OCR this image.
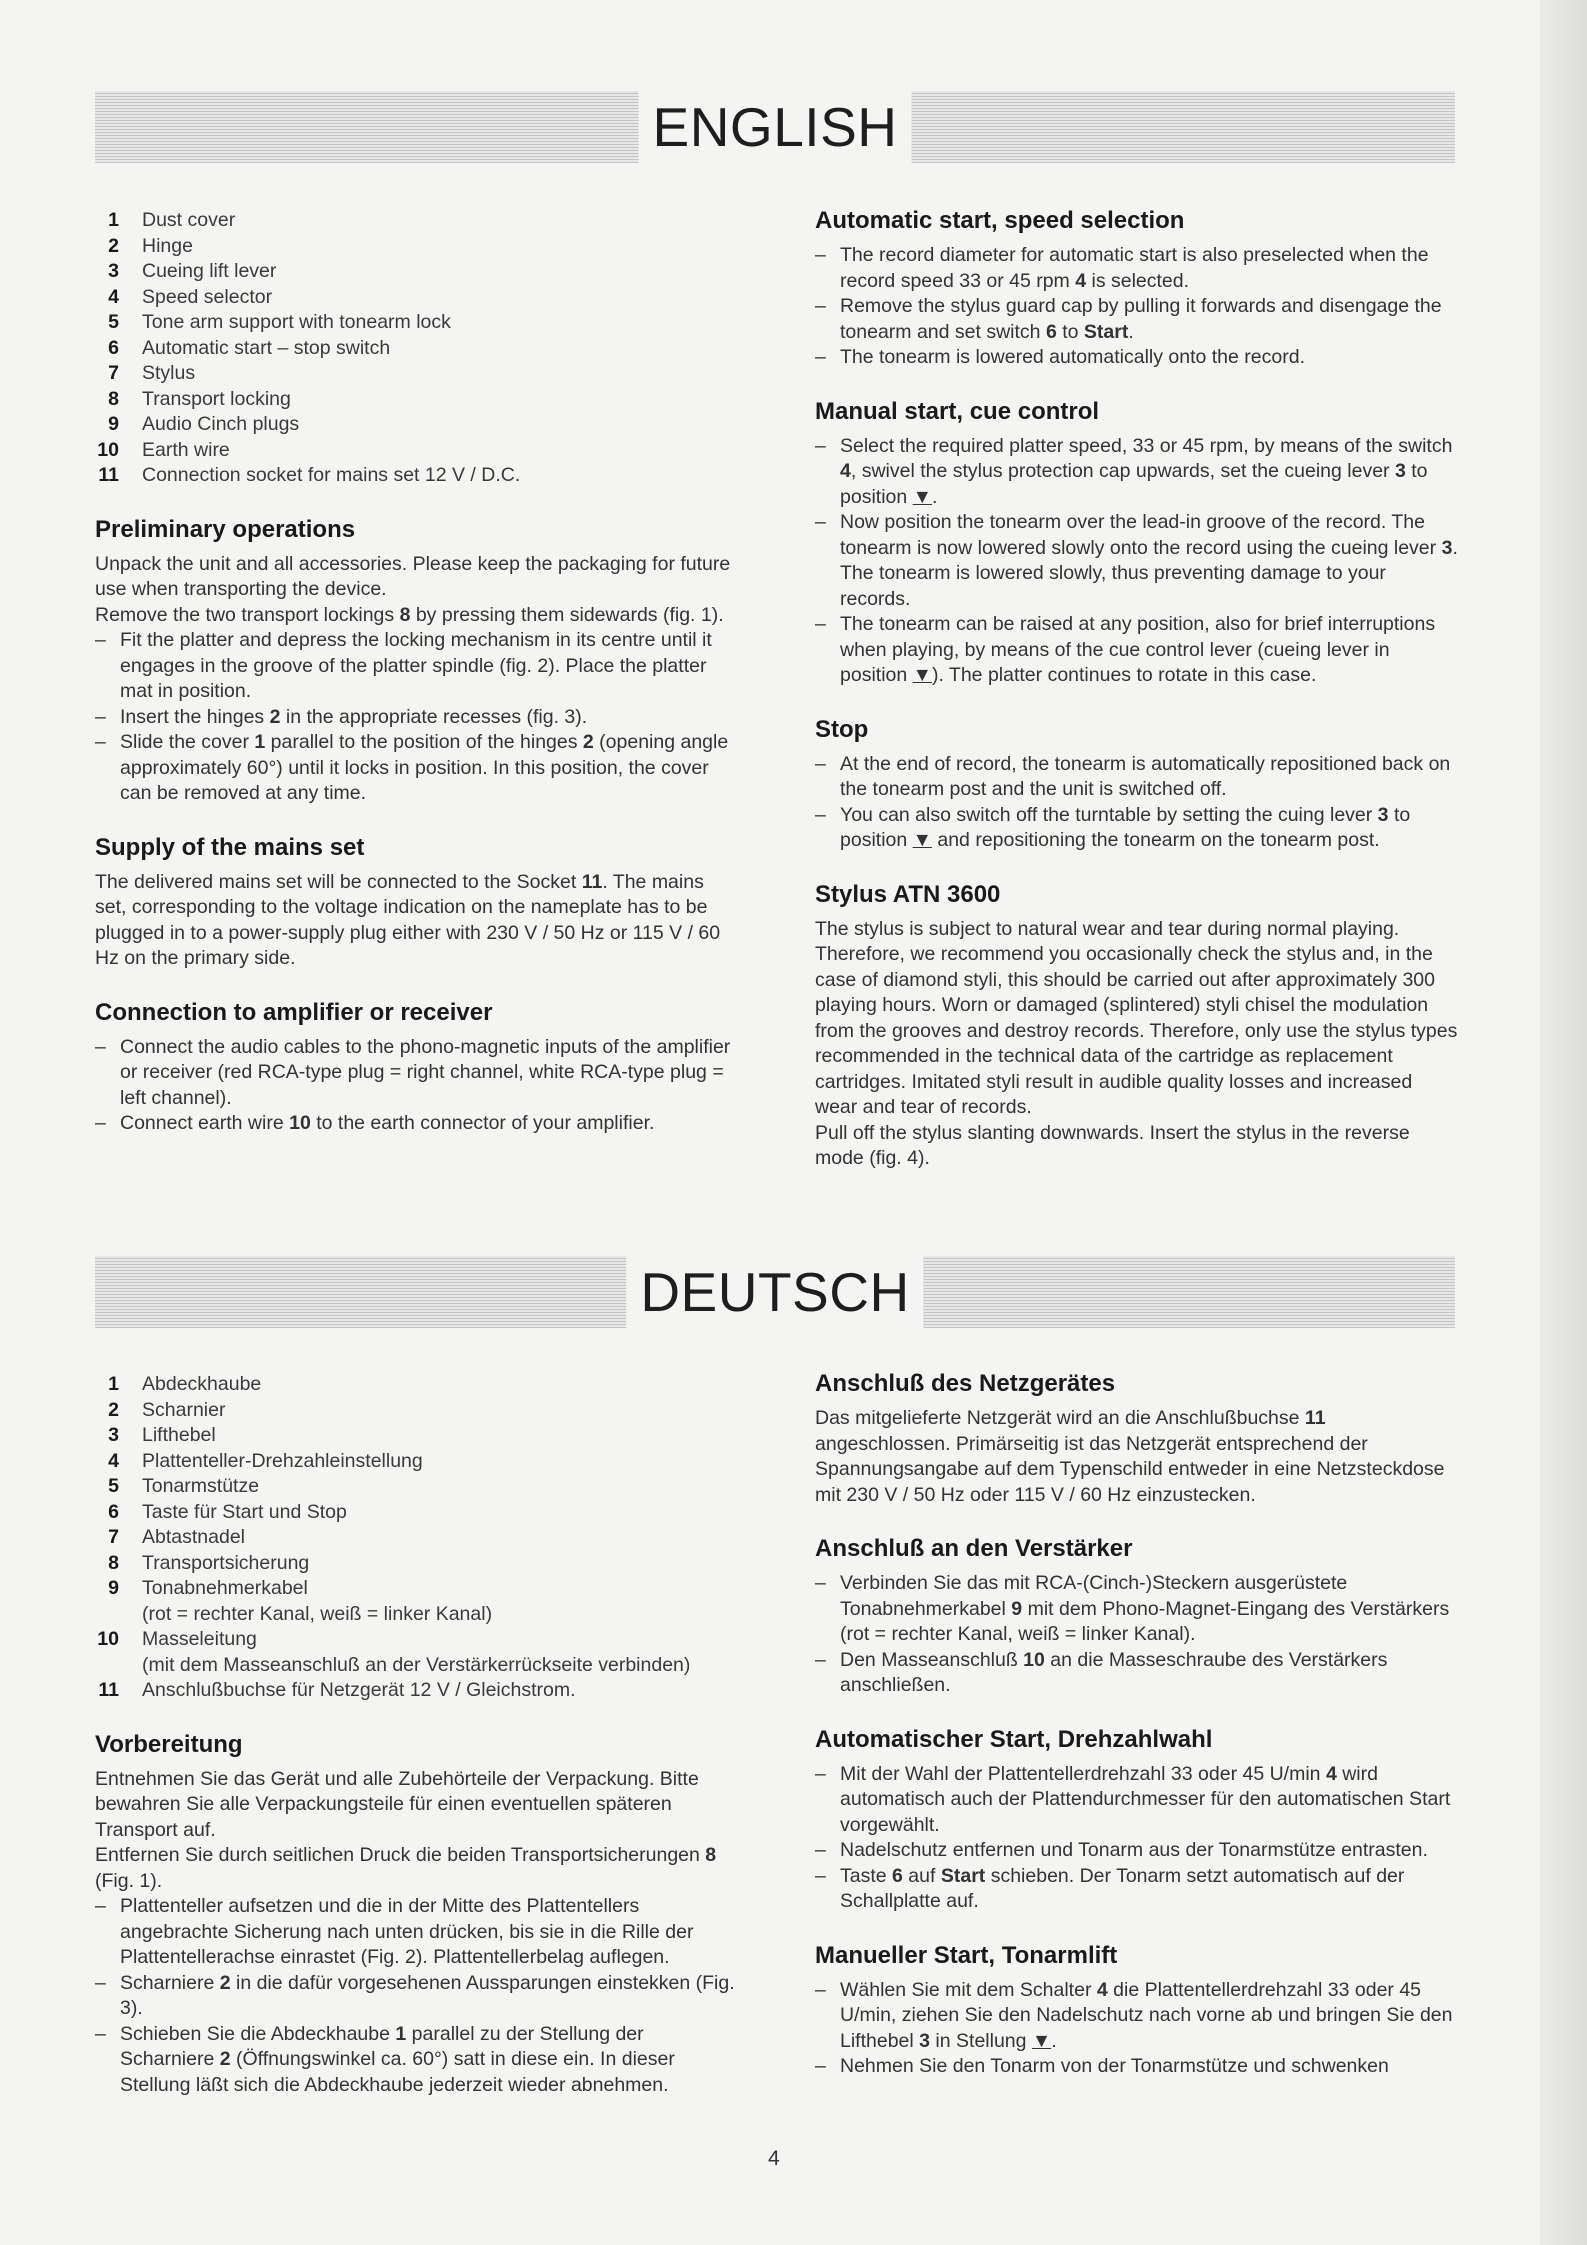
ENGLISH
1	Dust cover
2	Hinge
3	Cueing lift lever
4	Speed selector
5	Tone arm support with tonearm lock
6	Automatic start – stop switch
7	Stylus
8	Transport locking
9	Audio Cinch plugs
10	Earth wire
11	Connection socket for mains set 12 V / D.C.
Preliminary operations

Unpack the unit and all accessories. Please keep the packaging for future use when transporting the device.

Remove the two transport lockings 8 by pressing them sidewards (fig. 1).

– Fit the platter and depress the locking mechanism in its centre until it engages in the groove of the platter spindle (fig. 2). Place the platter mat in position.
– Insert the hinges 2 in the appropriate recesses (fig. 3).
– Slide the cover 1 parallel to the position of the hinges 2 (opening angle approximately 60°) until it locks in position. In this position, the cover can be removed at any time.
Supply of the mains set

The delivered mains set will be connected to the Socket 11. The mains set, corresponding to the voltage indication on the nameplate has to be plugged in to a power-supply plug either with 230 V / 50 Hz or 115 V / 60 Hz on the primary side.

Connection to amplifier or receiver
– Connect the audio cables to the phono-magnetic inputs of the amplifier or receiver (red RCA-type plug = right channel, white RCA-type plug = left channel).
– Connect earth wire 10 to the earth connector of your amplifier.
Automatic start, speed selection
– The record diameter for automatic start is also preselected when the record speed 33 or 45 rpm 4 is selected.
– Remove the stylus guard cap by pulling it forwards and disengage the tonearm and set switch 6 to Start.
– The tonearm is lowered automatically onto the record.
Manual start, cue control
– Select the required platter speed, 33 or 45 rpm, by means of the switch 4, swivel the stylus protection cap upwards, set the cueing lever 3 to position ▼.
– Now position the tonearm over the lead-in groove of the record. The tonearm is now lowered slowly onto the record using the cueing lever 3. The tonearm is lowered slowly, thus preventing damage to your records.
– The tonearm can be raised at any position, also for brief interruptions when playing, by means of the cue control lever (cueing lever in position ▼). The platter continues to rotate in this case.
Stop
– At the end of record, the tonearm is automatically repositioned back on the tonearm post and the unit is switched off.
– You can also switch off the turntable by setting the cuing lever 3 to position ▼ and repositioning the tonearm on the tonearm post.
Stylus ATN 3600

The stylus is subject to natural wear and tear during normal playing. Therefore, we recommend you occasionally check the stylus and, in the case of diamond styli, this should be carried out after approximately 300 playing hours. Worn or damaged (splintered) styli chisel the modulation from the grooves and destroy records. Therefore, only use the stylus types recommended in the technical data of the cartridge as replacement cartridges. Imitated styli result in audible quality losses and increased wear and tear of records.

Pull off the stylus slanting downwards. Insert the stylus in the reverse mode (fig. 4).

DEUTSCH
1	Abdeckhaube
2	Scharnier
3	Lifthebel
4	Plattenteller-Drehzahleinstellung
5	Tonarmstütze
6	Taste für Start und Stop
7	Abtastnadel
8	Transportsicherung
9	Tonabnehmerkabel
(rot = rechter Kanal, weiß = linker Kanal)
10	Masseleitung
(mit dem Masseanschluß an der Verstärkerrückseite verbinden)
11	Anschlußbuchse für Netzgerät 12 V / Gleichstrom.
Vorbereitung

Entnehmen Sie das Gerät und alle Zubehörteile der Verpackung. Bitte bewahren Sie alle Verpackungsteile für einen eventuellen späteren Transport auf.

Entfernen Sie durch seitlichen Druck die beiden Transportsicherungen 8 (Fig. 1).

– Plattenteller aufsetzen und die in der Mitte des Plattentellers angebrachte Sicherung nach unten drücken, bis sie in die Rille der Plattentellerachse einrastet (Fig. 2). Plattentellerbelag auflegen.
– Scharniere 2 in die dafür vorgesehenen Aussparungen einstekken (Fig. 3).
– Schieben Sie die Abdeckhaube 1 parallel zu der Stellung der Scharniere 2 (Öffnungswinkel ca. 60°) satt in diese ein. In dieser Stellung läßt sich die Abdeckhaube jederzeit wieder abnehmen.
Anschluß des Netzgerätes

Das mitgelieferte Netzgerät wird an die Anschlußbuchse 11 angeschlossen. Primärseitig ist das Netzgerät entsprechend der Spannungsangabe auf dem Typenschild entweder in eine Netzsteckdose mit 230 V / 50 Hz oder 115 V / 60 Hz einzustecken.

Anschluß an den Verstärker
– Verbinden Sie das mit RCA-(Cinch-)Steckern ausgerüstete Tonabnehmerkabel 9 mit dem Phono-Magnet-Eingang des Verstärkers (rot = rechter Kanal, weiß = linker Kanal).
– Den Masseanschluß 10 an die Masseschraube des Verstärkers anschließen.
Automatischer Start, Drehzahlwahl
– Mit der Wahl der Plattentellerdrehzahl 33 oder 45 U/min 4 wird automatisch auch der Plattendurchmesser für den automatischen Start vorgewählt.
– Nadelschutz entfernen und Tonarm aus der Tonarmstütze entrasten.
– Taste 6 auf Start schieben. Der Tonarm setzt automatisch auf der Schallplatte auf.
Manueller Start, Tonarmlift
– Wählen Sie mit dem Schalter 4 die Plattentellerdrehzahl 33 oder 45 U/min, ziehen Sie den Nadelschutz nach vorne ab und bringen Sie den Lifthebel 3 in Stellung ▼.
– Nehmen Sie den Tonarm von der Tonarmstütze und schwenken
4
